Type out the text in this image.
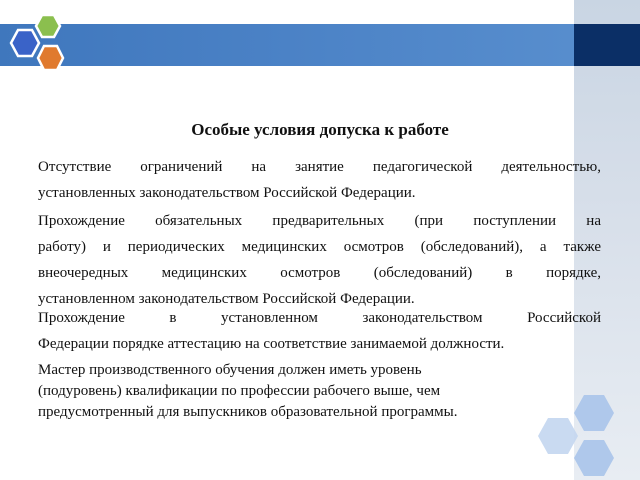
Особые условия допуска к работе
Отсутствие ограничений на занятие педагогической деятельностью,
установленных законодательством Российской Федерации.
Прохождение обязательных предварительных (при поступлении на
работу) и периодических медицинских осмотров (обследований), а также
внеочередных медицинских осмотров (обследований) в порядке,
установленном законодательством Российской Федерации.
Прохождение в установленном законодательством Российской
Федерации порядке аттестацию на соответствие занимаемой должности.
Мастер производственного обучения должен иметь уровень
(подуровень) квалификации по профессии рабочего выше, чем
предусмотренный для выпускников образовательной программы.
